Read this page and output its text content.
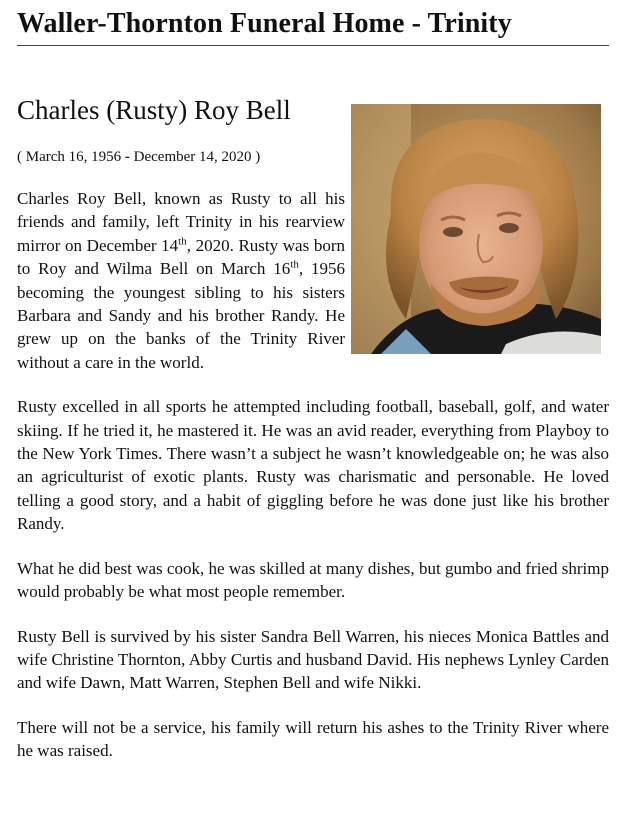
Waller-Thornton Funeral Home - Trinity
Charles (Rusty) Roy Bell
( March 16, 1956 - December 14, 2020 )

Charles Roy Bell, known as Rusty to all his friends and family, left Trinity in his rearview mirror on December 14th, 2020. Rusty was born to Roy and Wilma Bell on March 16th, 1956 becoming the youngest sibling to his sisters Barbara and Sandy and his brother Randy. He grew up on the banks of the Trinity River without a care in the world.

Rusty excelled in all sports he attempted including football, baseball, golf, and water skiing. If he tried it, he mastered it. He was an avid reader, everything from Playboy to the New York Times. There wasn’t a subject he wasn’t knowledgeable on; he was also an agriculturist of exotic plants. Rusty was charismatic and personable. He loved telling a good story, and a habit of giggling before he was done just like his brother Randy.

What he did best was cook, he was skilled at many dishes, but gumbo and fried shrimp would probably be what most people remember.

Rusty Bell is survived by his sister Sandra Bell Warren, his nieces Monica Battles and wife Christine Thornton, Abby Curtis and husband David. His nephews Lynley Carden and wife Dawn, Matt Warren, Stephen Bell and wife Nikki.

There will not be a service, his family will return his ashes to the Trinity River where he was raised.
